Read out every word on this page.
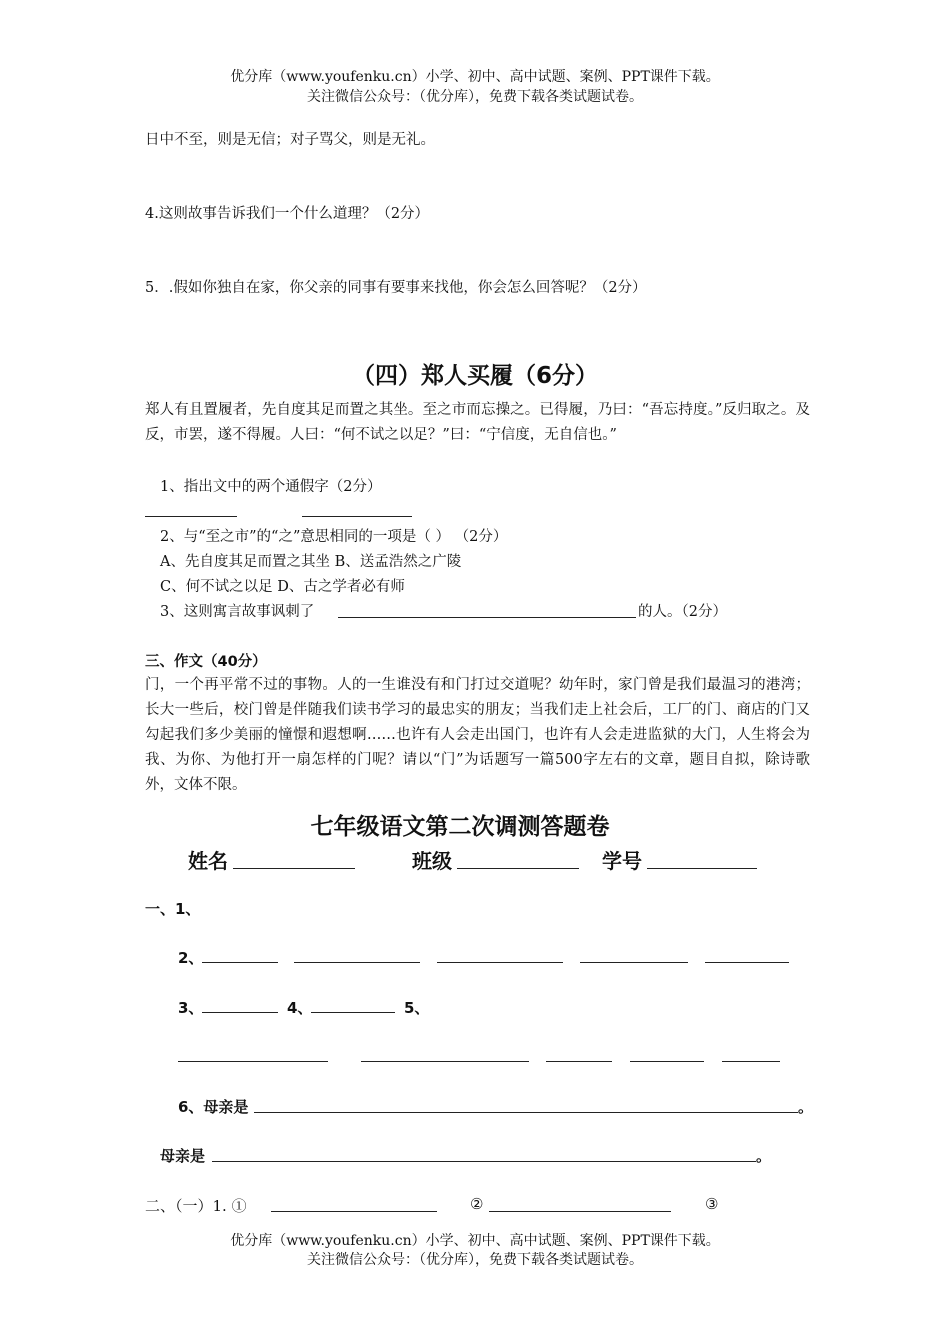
优分库（www.youfenku.cn）小学、初中、高中试题、案例、PPT课件下载。
关注微信公众号：（优分库），免费下载各类试题试卷。
日中不至，则是无信；对子骂父，则是无礼。
4.这则故事告诉我们一个什么道理？（2分）
5．.假如你独自在家，你父亲的同事有要事来找他，你会怎么回答呢？（2分）
（四）郑人买履（6分）
郑人有且置履者，先自度其足而置之其坐。至之市而忘操之。已得履，乃曰：“吾忘持度。”反归取之。及反，市罢，遂不得履。人曰：“何不试之以足？”曰：“宁信度，无自信也。”
1、指出文中的两个通假字（2分）
2、与“至之市”的“之”意思相同的一项是（ ） （2分）
A、先自度其足而置之其坐 B、送孟浩然之广陵
C、何不试之以足 D、古之学者必有师
3、这则寓言故事讽刺了	的人。（2分）
三、作文（40分）
门，一个再平常不过的事物。人的一生谁没有和门打过交道呢？幼年时，家门曾是我们最温习的港湾；长大一些后，校门曾是伴随我们读书学习的最忠实的朋友；当我们走上社会后，工厂的门、商店的门又勾起我们多少美丽的憧憬和遐想啊……也许有人会走出国门，也许有人会走进监狱的大门，人生将会为我、为你、为他打开一扇怎样的门呢？请以“门”为话题写一篇500字左右的文章，题目自拟，除诗歌外，文体不限。
七年级语文第二次调测答题卷
姓名	班级	学号
一、1、
2、
3、	4、	5、
6、母亲是	。
母亲是	。
二、（一）1. ①	②	③
优分库（www.youfenku.cn）小学、初中、高中试题、案例、PPT课件下载。
关注微信公众号：（优分库），免费下载各类试题试卷。
